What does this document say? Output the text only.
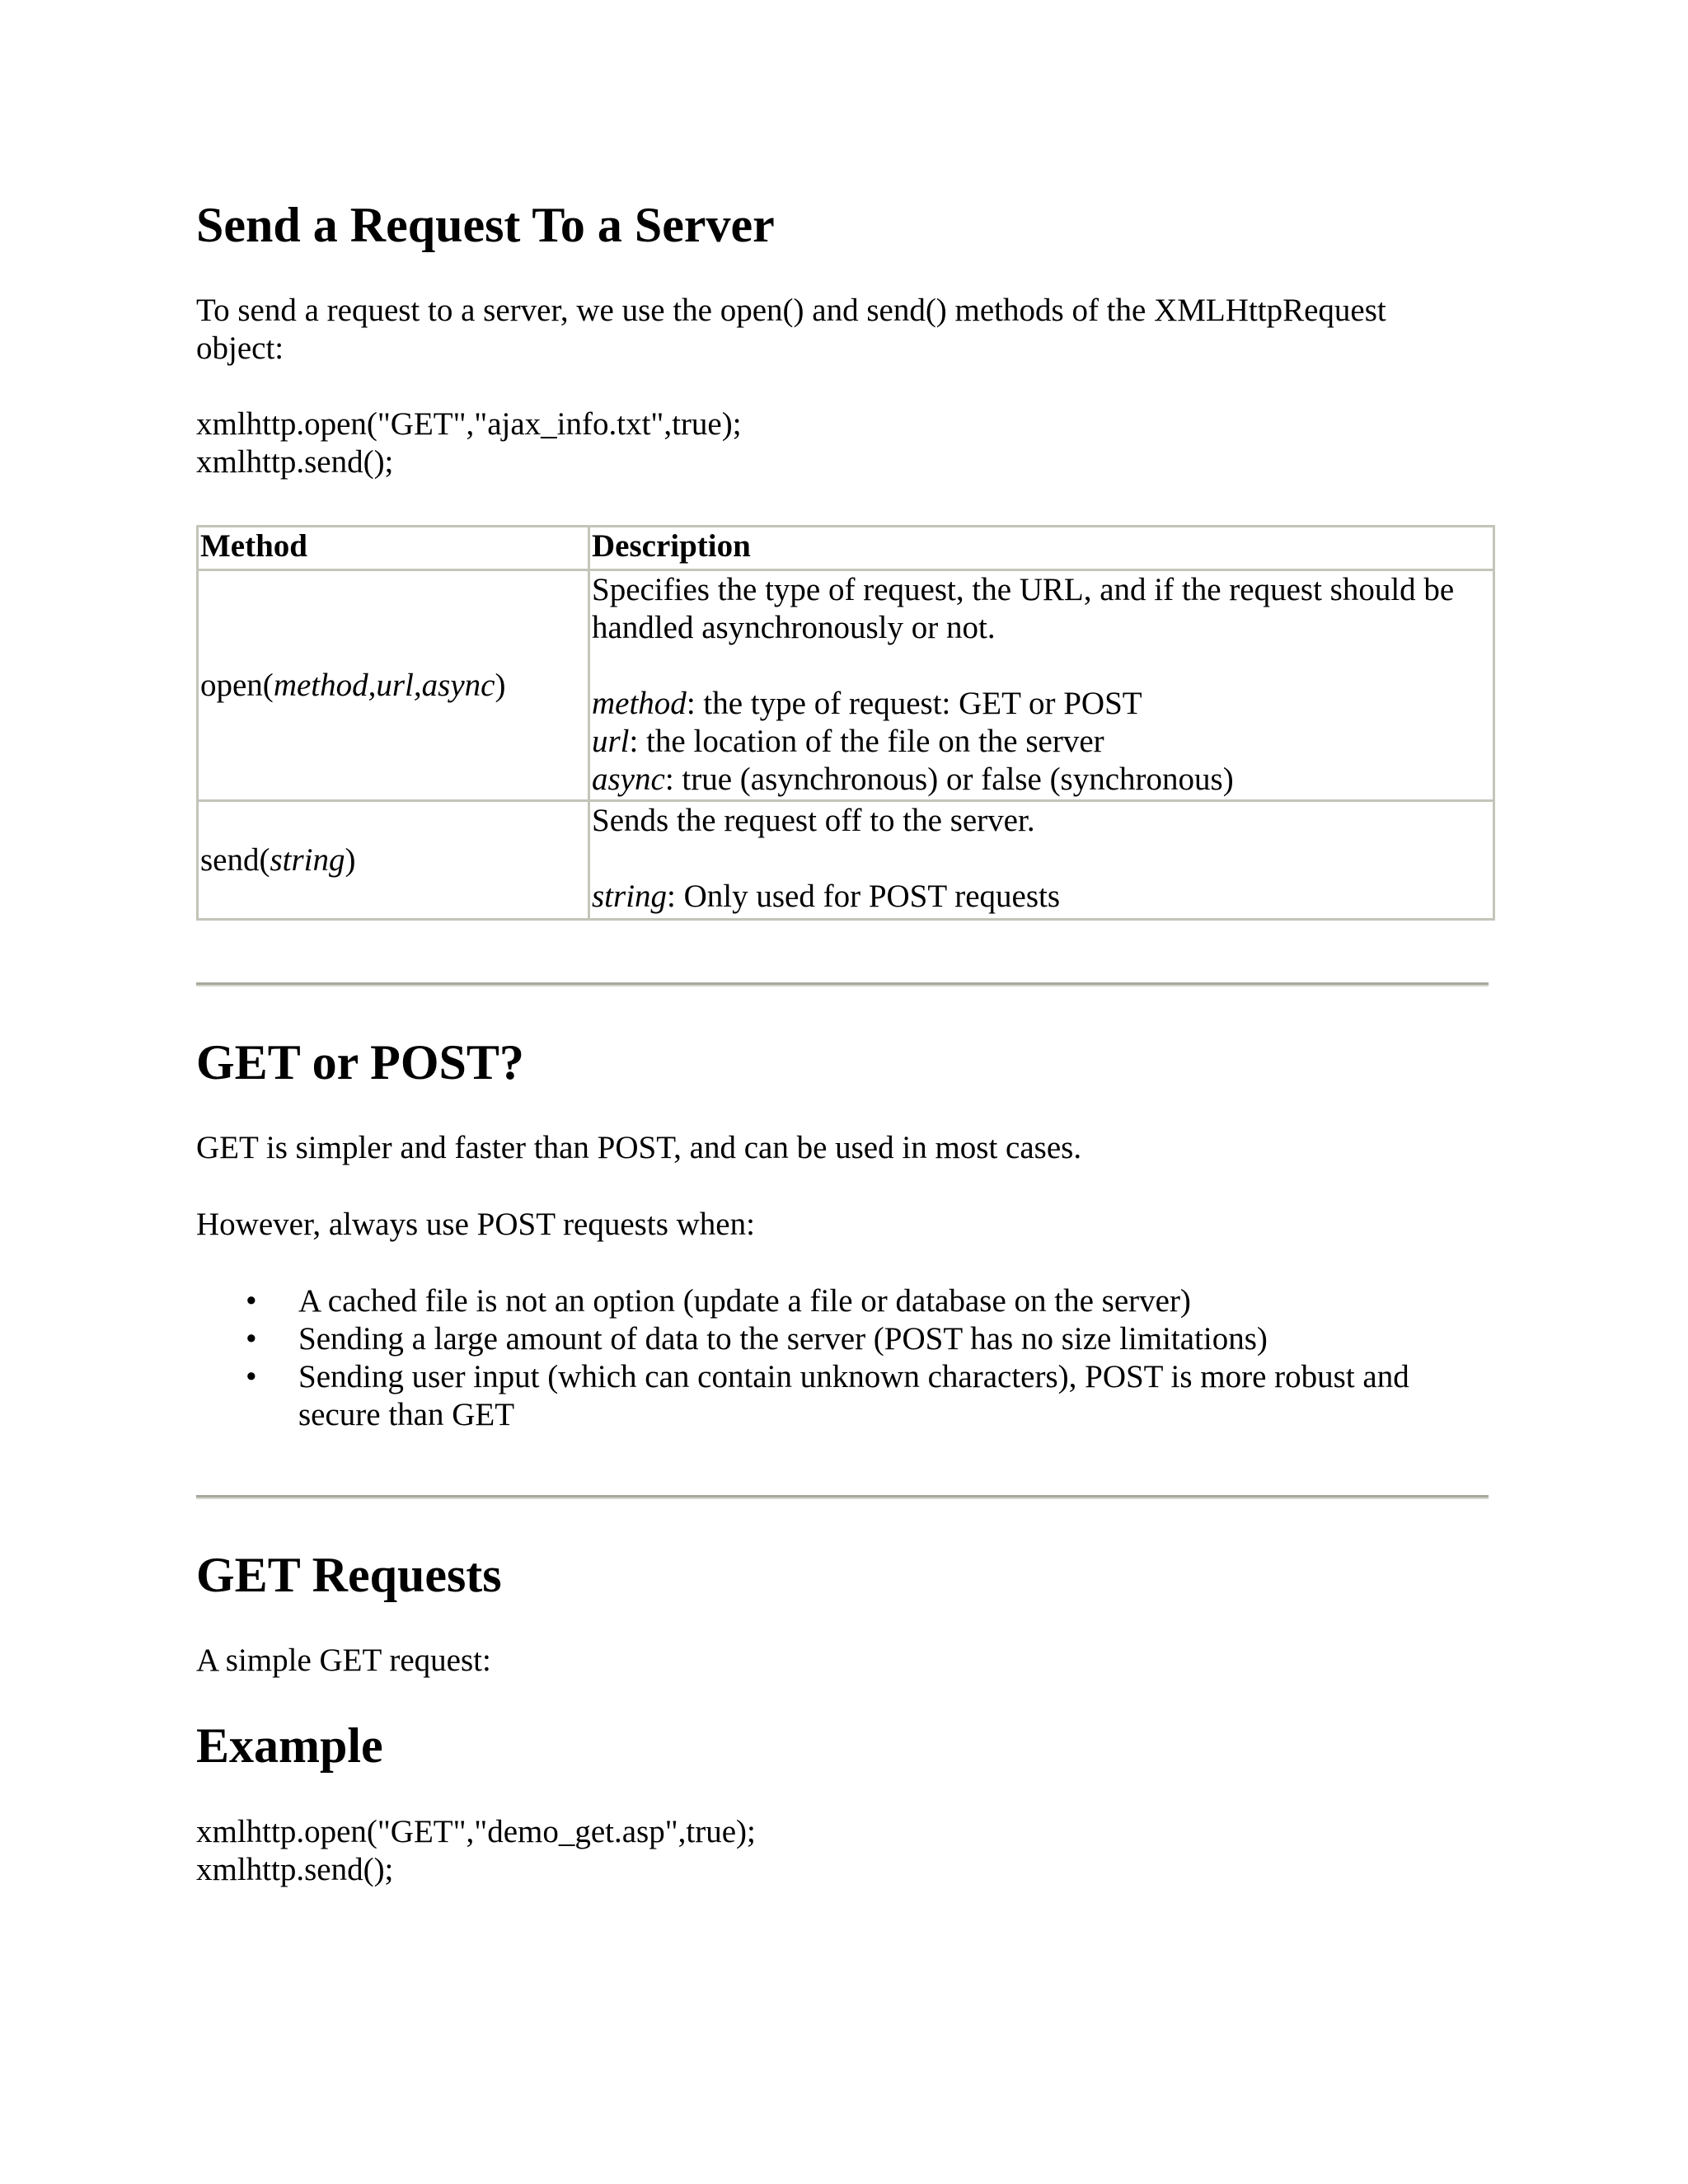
Send a Request To a Server

To send a request to a server, we use the open() and send() methods of the XMLHttpRequest

object:

xmlhttp.open("GET","ajax_info.txt",true);

xmlhttp.send();

Method	Description
open(method,url,async)	Specifies the type of request, the URL, and if the request should be
handled asynchronously or not.
method: the type of request: GET or POST
url: the location of the file on the server
async: true (asynchronous) or false (synchronous)

send(string)	Sends the request off to the server.
string: Only used for POST requests
GET or POST?

GET is simpler and faster than POST, and can be used in most cases.

However, always use POST requests when:

• A cached file is not an option (update a file or database on the server)
• Sending a large amount of data to the server (POST has no size limitations)
• Sending user input (which can contain unknown characters), POST is more robust and
secure than GET
GET Requests

A simple GET request:

Example

xmlhttp.open("GET","demo_get.asp",true);

xmlhttp.send();
